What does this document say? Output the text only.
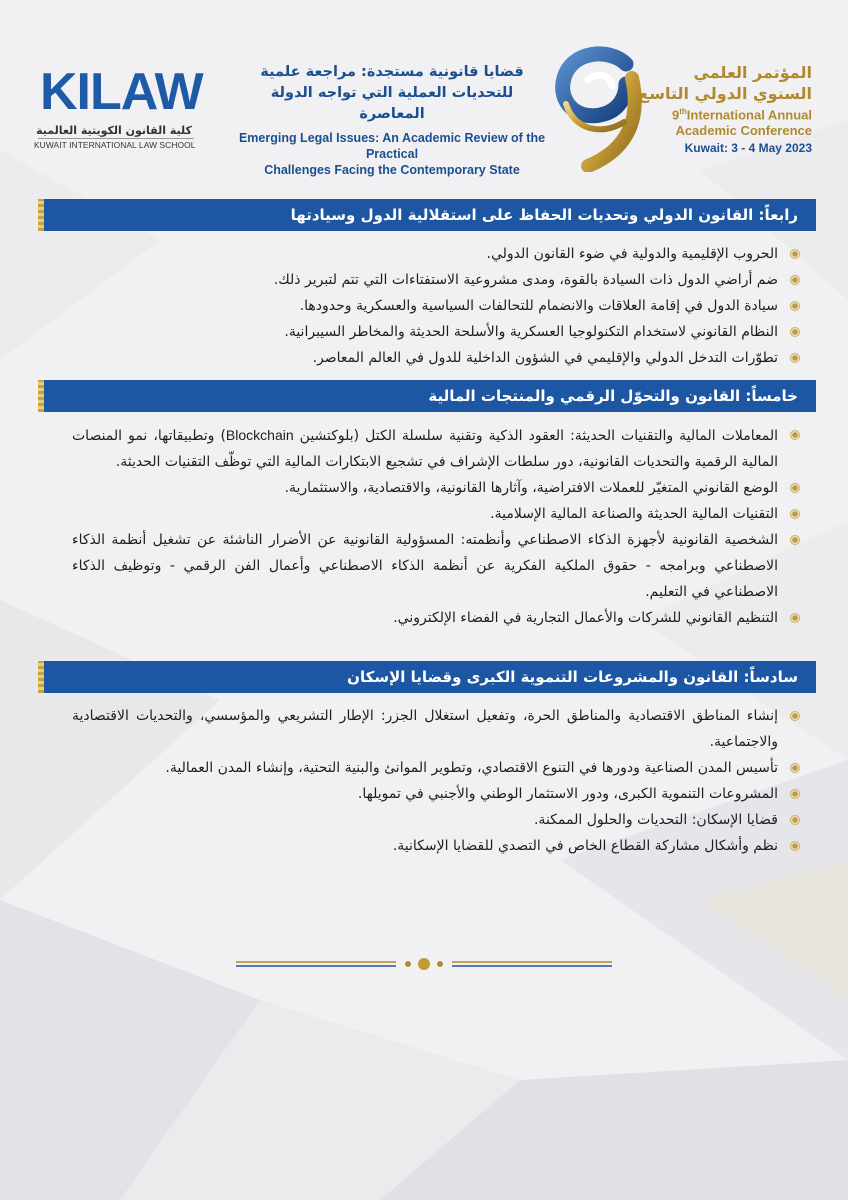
KILAW
كلية القانون الكويتية العالمية
KUWAIT INTERNATIONAL LAW SCHOOL
قضايا قانونية مستجدة: مراجعة علمية
للتحديات العملية التي تواجه الدولة المعاصرة
Emerging Legal Issues: An Academic Review of the Practical
Challenges Facing the Contemporary State
المؤتمر العلمي
السنوي الدولي التاسع
9thInternational Annual
Academic Conference
Kuwait: 3 - 4 May 2023
رابعاً: القانون الدولي وتحديات الحفاظ على استقلالية الدول وسيادتها
الحروب الإقليمية والدولية في ضوء القانون الدولي.
ضم أراضي الدول ذات السيادة بالقوة، ومدى مشروعية الاستفتاءات التي تتم لتبرير ذلك.
سيادة الدول في إقامة العلاقات والانضمام للتحالفات السياسية والعسكرية وحدودها.
النظام القانوني لاستخدام التكنولوجيا العسكرية والأسلحة الحديثة والمخاطر السيبرانية.
تطوّرات التدخل الدولي والإقليمي في الشؤون الداخلية للدول في العالم المعاصر.
خامساً: القانون والتحوّل الرقمي والمنتجات المالية
المعاملات المالية والتقنيات الحديثة: العقود الذكية وتقنية سلسلة الكتل (بلوكتشين Blockchain) وتطبيقاتها، نمو المنصات المالية الرقمية والتحديات القانونية، دور سلطات الإشراف في تشجيع الابتكارات المالية التي توظّف التقنيات الحديثة.
الوضع القانوني المتغيّر للعملات الافتراضية، وآثارها القانونية، والاقتصادية، والاستثمارية.
التقنيات المالية الحديثة والصناعة المالية الإسلامية.
الشخصية القانونية لأجهزة الذكاء الاصطناعي وأنظمته: المسؤولية القانونية عن الأضرار الناشئة عن تشغيل أنظمة الذكاء الاصطناعي وبرامجه - حقوق الملكية الفكرية عن أنظمة الذكاء الاصطناعي وأعمال الفن الرقمي - وتوظيف الذكاء الاصطناعي في التعليم.
التنظيم القانوني للشركات والأعمال التجارية في الفضاء الإلكتروني.
سادساً: القانون والمشروعات التنموية الكبرى وقضايا الإسكان
إنشاء المناطق الاقتصادية والمناطق الحرة، وتفعيل استغلال الجزر: الإطار التشريعي والمؤسسي، والتحديات الاقتصادية والاجتماعية.
تأسيس المدن الصناعية ودورها في التنوع الاقتصادي، وتطوير الموانئ والبنية التحتية، وإنشاء المدن العمالية.
المشروعات التنموية الكبرى، ودور الاستثمار الوطني والأجنبي في تمويلها.
قضايا الإسكان: التحديات والحلول الممكنة.
نظم وأشكال مشاركة القطاع الخاص في التصدي للقضايا الإسكانية.
